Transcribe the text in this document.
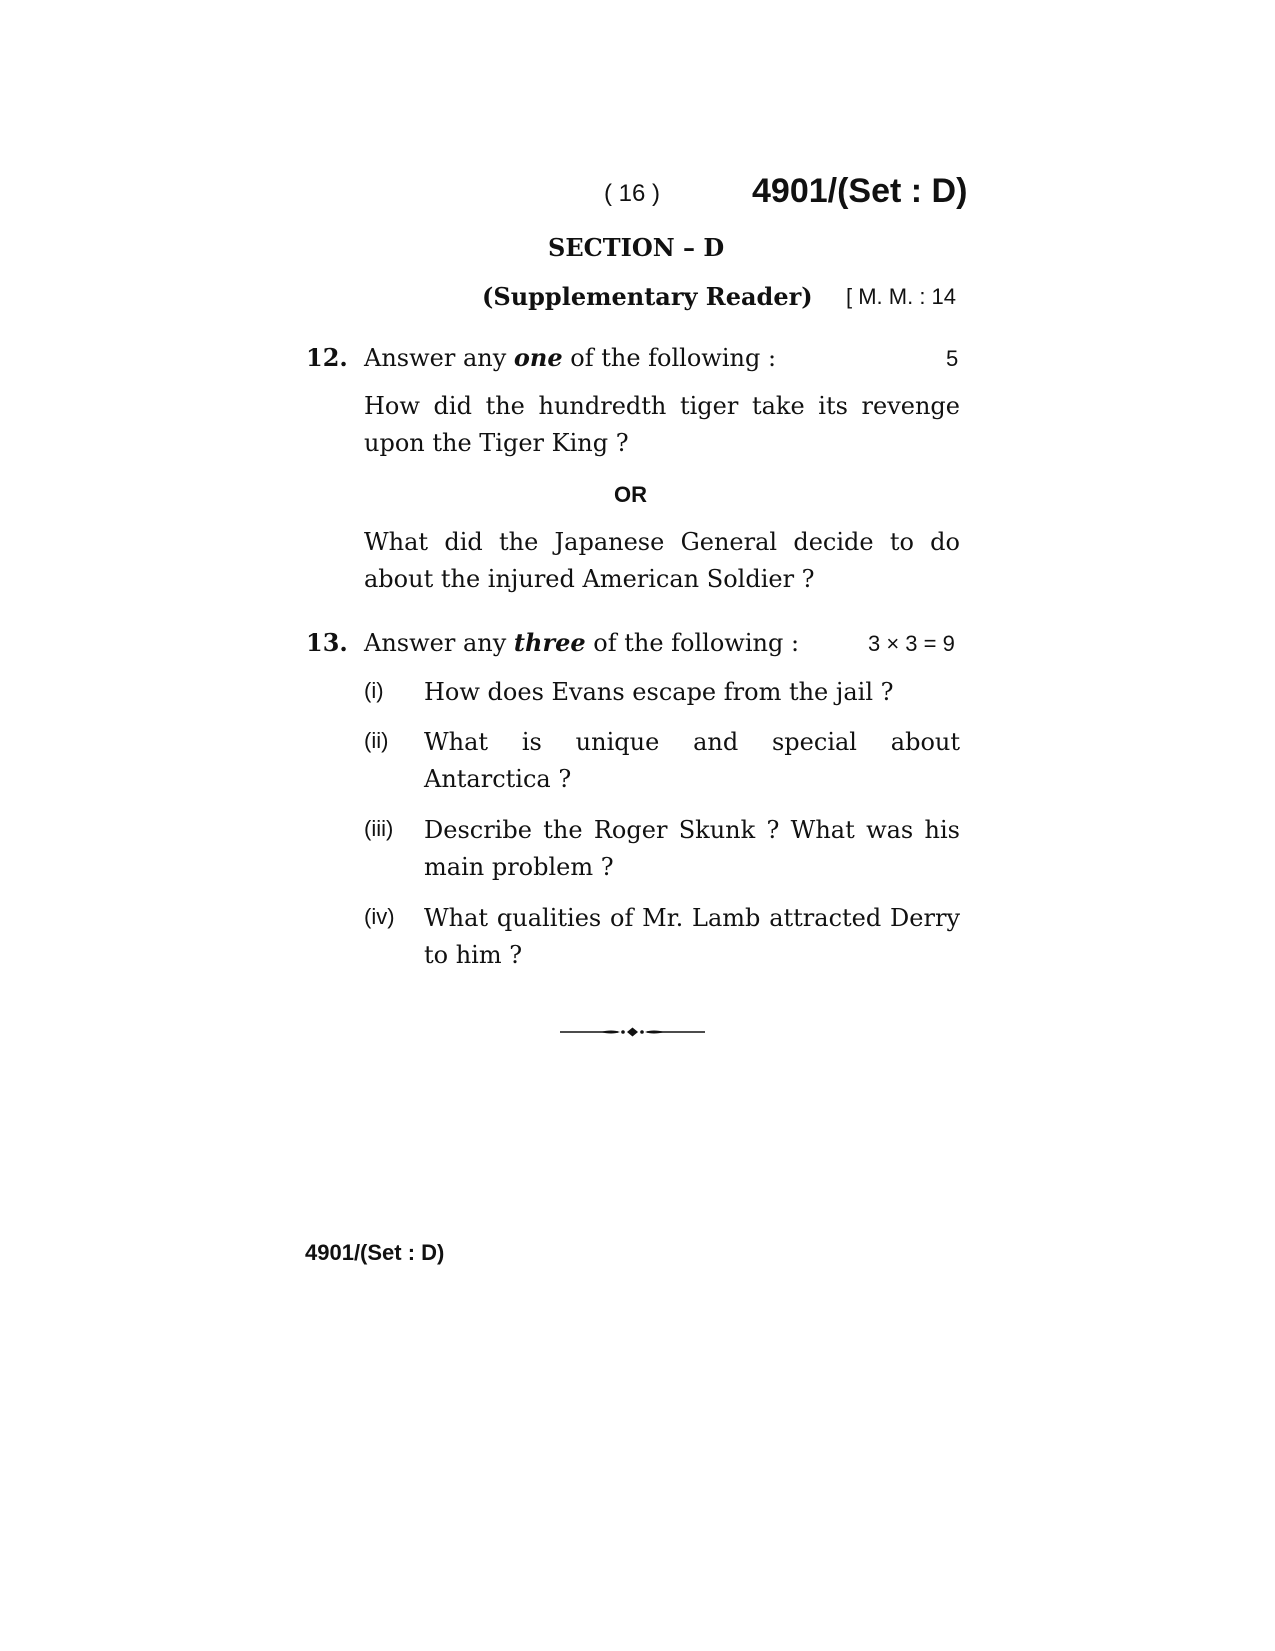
( 16 )	4901/(Set : D)
SECTION – D
(Supplementary Reader) [ M. M. : 14
12. Answer any one of the following :	5
How did the hundredth tiger take its revenge upon the Tiger King ?
OR
What did the Japanese General decide to do about the injured American Soldier ?
13. Answer any three of the following :	3 × 3 = 9
(i) How does Evans escape from the jail ?
(ii) What is unique and special about Antarctica ?
(iii) Describe the Roger Skunk ? What was his main problem ?
(iv) What qualities of Mr. Lamb attracted Derry to him ?
4901/(Set : D)
